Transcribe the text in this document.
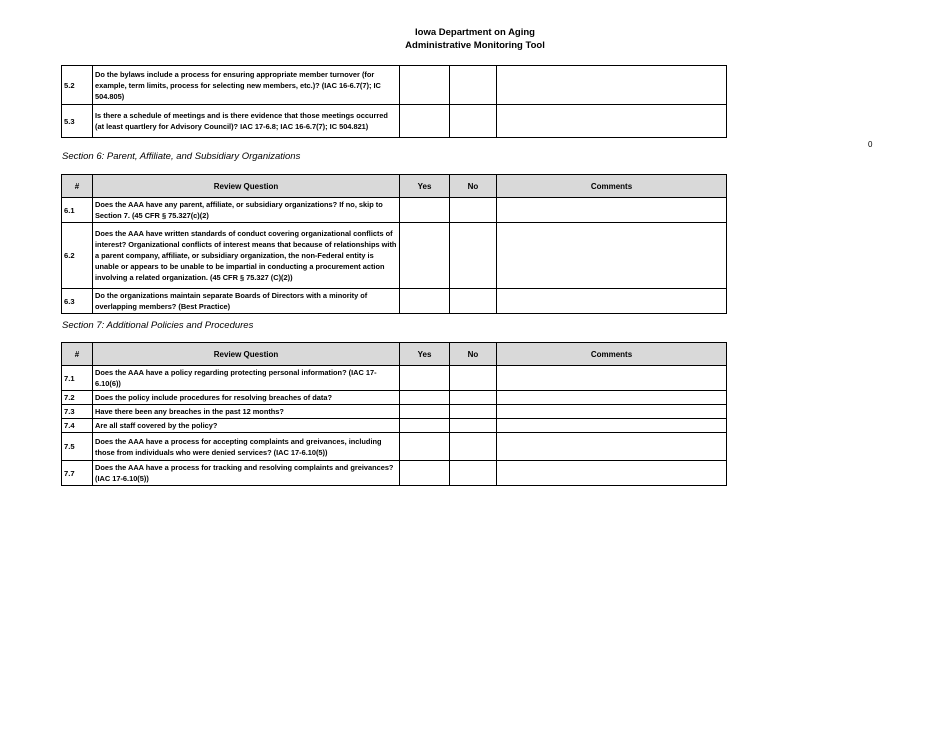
Iowa Department on Aging
Administrative Monitoring Tool
0
5.2	Do the bylaws include a process for ensuring appropriate member turnover (for example, term limits, process for selecting new members, etc.)? (IAC 16-6.7(7); IC 504.805)			
5.3	Is there a schedule of meetings and is there evidence that those meetings occurred (at least quartlery for Advisory Council)? IAC 17-6.8; IAC 16-6.7(7); IC 504.821)			
Section 6: Parent, Affiliate, and Subsidiary Organizations
#	Review Question	Yes	No	Comments
6.1	Does the AAA have any parent, affiliate, or subsidiary organizations? If no, skip to Section 7. (45 CFR § 75.327(c)(2)			
6.2	Does the AAA have written standards of conduct covering organizational conflicts of interest? Organizational conflicts of interest means that because of relationships with a parent company, affiliate, or subsidiary organization, the non-Federal entity is unable or appears to be unable to be impartial in conducting a procurement action involving a related organization. (45 CFR § 75.327 (C)(2))			
6.3	Do the organizations maintain separate Boards of Directors with a minority of overlapping members? (Best Practice)			
Section 7: Additional Policies and Procedures
#	Review Question	Yes	No	Comments
7.1	Does the AAA have a policy regarding protecting personal information? (IAC 17-6.10(6))			
7.2	Does the policy include procedures for resolving breaches of data?			
7.3	Have there been any breaches in the past 12 months?			
7.4	Are all staff covered by the policy?			
7.5	Does the AAA have a process for accepting complaints and greivances, including those from individuals who were denied services? (IAC 17-6.10(5))			
7.7	Does the AAA have a process for tracking and resolving complaints and greivances? (IAC 17-6.10(5))			
